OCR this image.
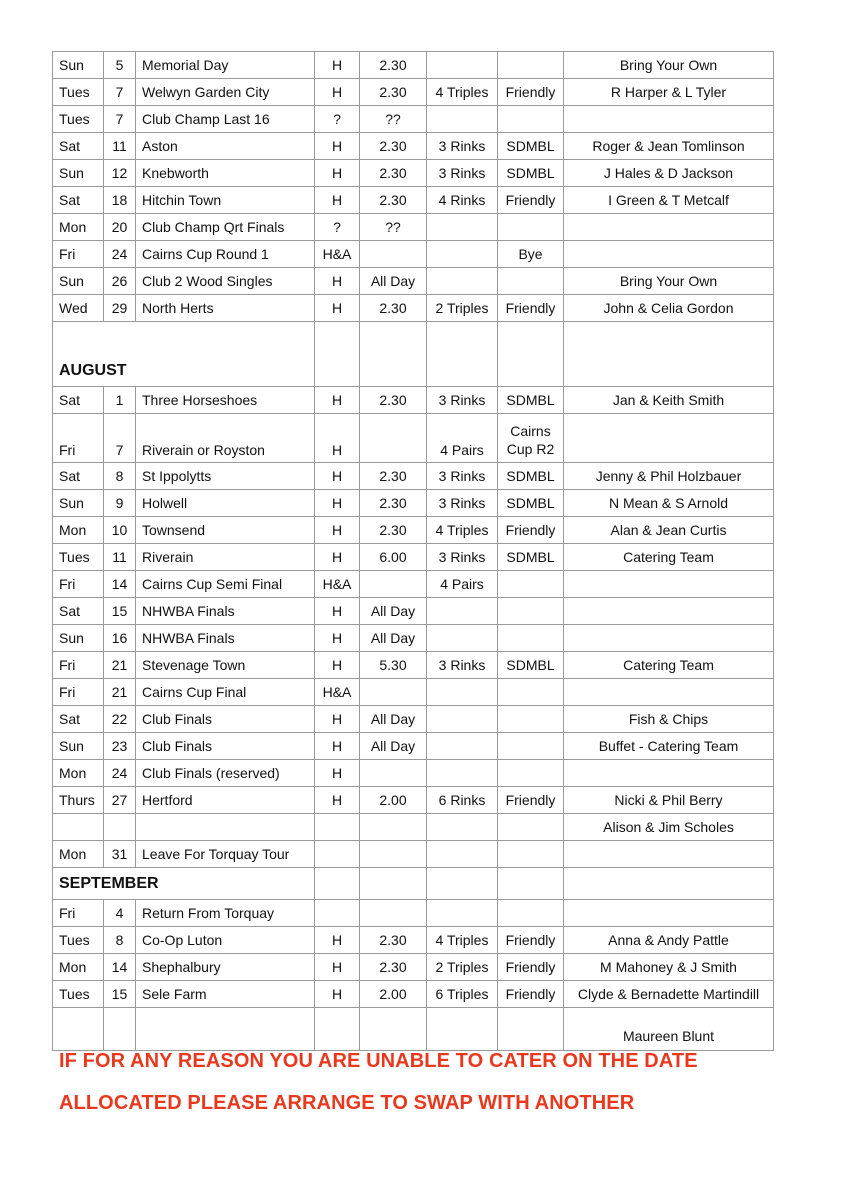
Sun	5	Memorial Day	H	2.30			Bring Your Own
Tues	7	Welwyn Garden City	H	2.30	4 Triples	Friendly	R Harper & L Tyler
Tues	7	Club Champ Last 16	?	??			
Sat	11	Aston	H	2.30	3 Rinks	SDMBL	Roger & Jean Tomlinson
Sun	12	Knebworth	H	2.30	3 Rinks	SDMBL	J Hales & D Jackson
Sat	18	Hitchin Town	H	2.30	4 Rinks	Friendly	I Green & T Metcalf
Mon	20	Club Champ Qrt Finals	?	??			
Fri	24	Cairns Cup Round 1	H&A			Bye	
Sun	26	Club 2 Wood Singles	H	All Day			Bring Your Own
Wed	29	North Herts	H	2.30	2 Triples	Friendly	John & Celia Gordon
AUGUST							
Sat	1	Three Horseshoes	H	2.30	3 Rinks	SDMBL	Jan & Keith Smith
Fri	7	Riverain or Royston	H		4 Pairs	Cairns Cup R2	
Sat	8	St Ippolytts	H	2.30	3 Rinks	SDMBL	Jenny & Phil Holzbauer
Sun	9	Holwell	H	2.30	3 Rinks	SDMBL	N Mean & S Arnold
Mon	10	Townsend	H	2.30	4 Triples	Friendly	Alan & Jean Curtis
Tues	11	Riverain	H	6.00	3 Rinks	SDMBL	Catering Team
Fri	14	Cairns Cup Semi Final	H&A		4 Pairs		
Sat	15	NHWBA Finals	H	All Day			
Sun	16	NHWBA Finals	H	All Day			
Fri	21	Stevenage Town	H	5.30	3 Rinks	SDMBL	Catering Team
Fri	21	Cairns Cup Final	H&A				
Sat	22	Club Finals	H	All Day			Fish & Chips
Sun	23	Club Finals	H	All Day			Buffet - Catering Team
Mon	24	Club Finals (reserved)	H				
Thurs	27	Hertford	H	2.00	6 Rinks	Friendly	Nicki & Phil Berry
							Alison & Jim Scholes
Mon	31	Leave For Torquay Tour					
SEPTEMBER							
Fri	4	Return From Torquay					
Tues	8	Co-Op Luton	H	2.30	4 Triples	Friendly	Anna & Andy Pattle
Mon	14	Shephalbury	H	2.30	2 Triples	Friendly	M Mahoney & J Smith
Tues	15	Sele Farm	H	2.00	6 Triples	Friendly	Clyde & Bernadette Martindill
							Maureen Blunt
IF FOR ANY REASON YOU ARE UNABLE TO CATER ON THE DATE
ALLOCATED PLEASE ARRANGE TO SWAP WITH ANOTHER
